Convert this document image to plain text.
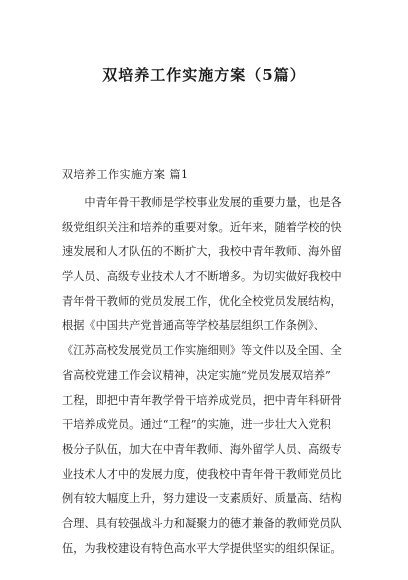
双培养工作实施方案（5篇）
双培养工作实施方案 篇1
　　中青年骨干教师是学校事业发展的重要力量，也是各
级党组织关注和培养的重要对象。近年来，随着学校的快
速发展和人才队伍的不断扩大，我校中青年教师、海外留
学人员、高级专业技术人才不断增多。为切实做好我校中
青年骨干教师的党员发展工作，优化全校党员发展结构，
根据《中国共产党普通高等学校基层组织工作条例》、
《江苏高校发展党员工作实施细则》等文件以及全国、全
省高校党建工作会议精神，决定实施“党员发展双培养”
工程，即把中青年教学骨干培养成党员，把中青年科研骨
干培养成党员。通过“工程”的实施，进一步壮大入党积
极分子队伍，加大在中青年教师、海外留学人员、高级专
业技术人才中的发展力度，使我校中青年骨干教师党员比
例有较大幅度上升，努力建设一支素质好、质量高、结构
合理、具有较强战斗力和凝聚力的德才兼备的教师党员队
伍，为我校建设有特色高水平大学提供坚实的组织保证。
